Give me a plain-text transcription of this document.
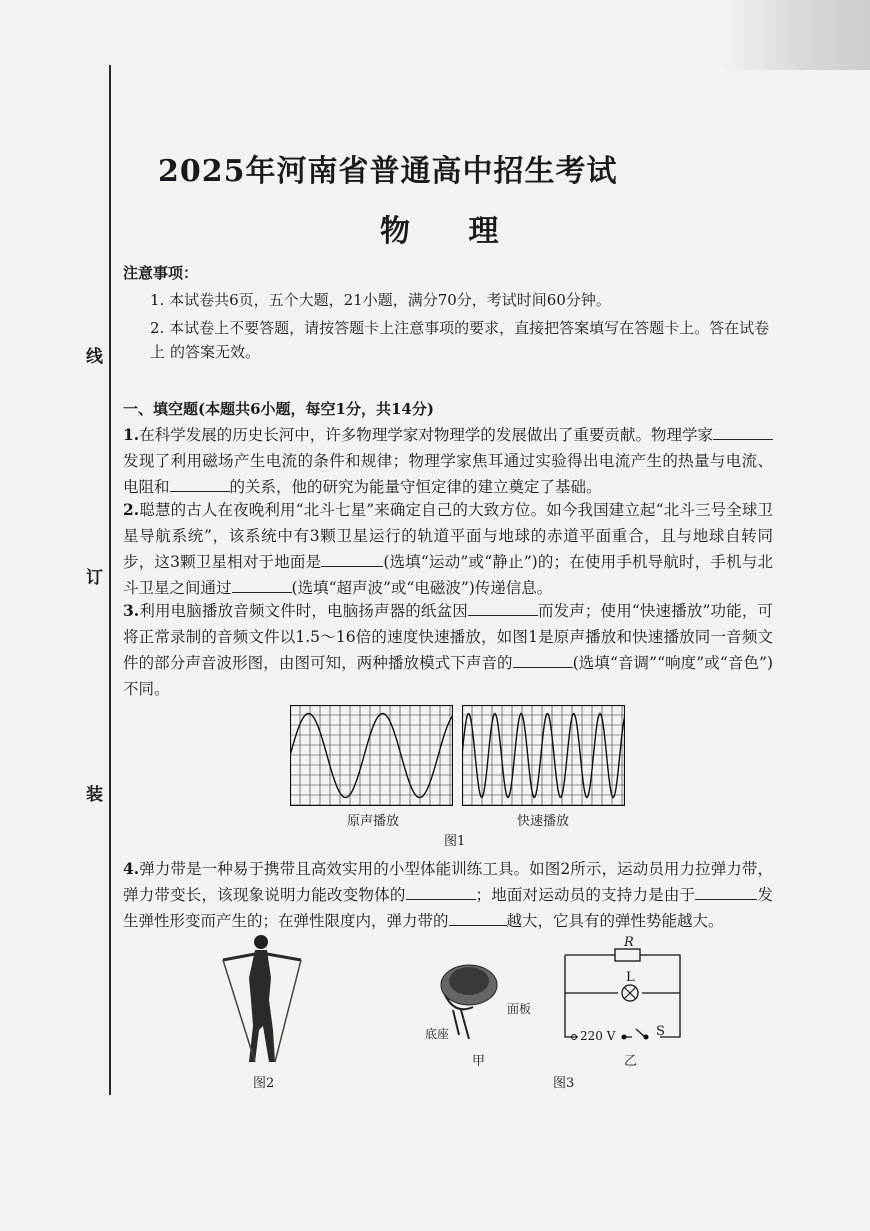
线
订
装
2025年河南省普通高中招生考试
物 理
注意事项：
1. 本试卷共6页，五个大题，21小题，满分70分，考试时间60分钟。
2. 本试卷上不要答题，请按答题卡上注意事项的要求，直接把答案填写在答题卡上。答在试卷上 的答案无效。
一、填空题(本题共6小题，每空1分，共14分)
1.在科学发展的历史长河中，许多物理学家对物理学的发展做出了重要贡献。物理学家发现了利用磁场产生电流的条件和规律；物理学家焦耳通过实验得出电流产生的热量与电流、电阻和	的关系，他的研究为能量守恒定律的建立奠定了基础。
2.聪慧的古人在夜晚利用“北斗七星”来确定自己的大致方位。如今我国建立起“北斗三号全球卫星导航系统”，该系统中有3颗卫星运行的轨道平面与地球的赤道平面重合，且与地球自转同步，这3颗卫星相对于地面是	(选填“运动”或“静止”)的；在使用手机导航时，手机与北斗卫星之间通过	(选填“超声波”或“电磁波”)传递信息。
3.利用电脑播放音频文件时，电脑扬声器的纸盆因	而发声；使用“快速播放”功能，可将正常录制的音频文件以1.5～16倍的速度快速播放，如图1是原声播放和快速播放同一音频文件的部分声音波形图，由图可知，两种播放模式下声音的	(选填“音调”“响度”或“音色”)不同。
原声播放	快速播放
图1
4.弹力带是一种易于携带且高效实用的小型体能训练工具。如图2所示，运动员用力拉弹力带，弹力带变长，该现象说明力能改变物体的	；地面对运动员的支持力是由于	发生弹性形变而产生的；在弹性限度内，弹力带的	越大，它具有的弹性势能越大。
图2
面板
底座
甲
R
L
S
220 V
乙
图3
